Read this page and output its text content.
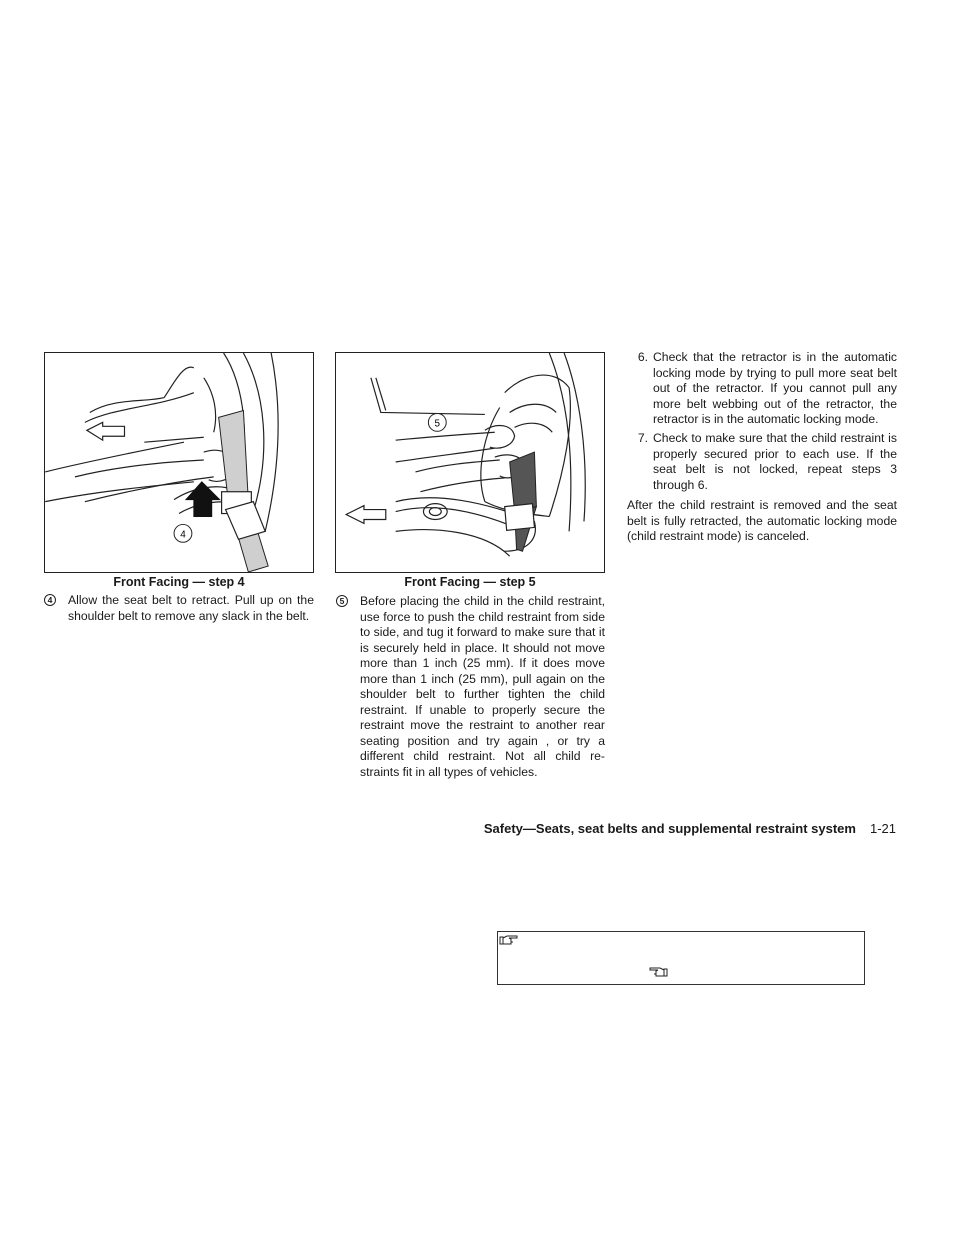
4
Front Facing — step 4
5
Front Facing — step 5
4 Allow the seat belt to retract. Pull up on the shoulder belt to remove any slack in the belt.
5 Before placing the child in the child restraint, use force to push the child restraint from side to side, and tug it forward to make sure that it is securely held in place. It should not move more than 1 inch (25 mm). If it does move more than 1 inch (25 mm), pull again on the shoulder belt to further tighten the child restraint. If unable to properly secure the restraint move the restraint to another rear seating position and try again , or try a different child restraint. Not all child re-straints fit in all types of vehicles.
6. Check that the retractor is in the automatic locking mode by trying to pull more seat belt out of the retractor. If you cannot pull any more belt webbing out of the retractor, the retractor is in the automatic locking mode.
7. Check to make sure that the child restraint is properly secured prior to each use. If the seat belt is not locked, repeat steps 3 through 6.
After the child restraint is removed and the seat belt is fully retracted, the automatic locking mode (child restraint mode) is canceled.
Safety—Seats, seat belts and supplemental restraint system 1-21
